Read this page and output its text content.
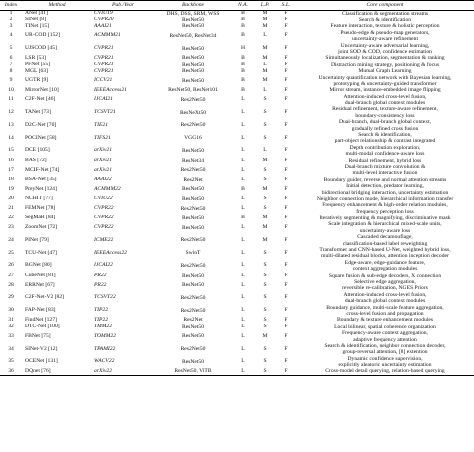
Index	Method	Pub./Year	Backbone	N.A.	L.P.	S.L.	Core component
1	ANet [41]	CVIU19	DHS, DSS, SRM, WSS	B	M	F	Classification & segmentation streams

2	SINet [8]	CVPR20	ResNet50	B	M	F	Search & identification

3	TINet [15]	AAAI21	ResNet50	B	M	F	Feature interaction, texture & holistic perception

4	UR-COD [152]	ACMMM21	ResNet50, ResNet34	B	L	F	Pseudo-edge & pseudo-map generators,
uncertainty-aware refinement

5	UJSCOD [45]	CVPR21	ResNet50	H	M	F	Uncertainty-aware adversarial learning,
joint SOD & COD, confidence estimation

6	LSR [53]	CVPR21	ResNet50	B	M	F	Simultaneously localization, segmentation & ranking

7	PFNet [55]	CVPR21	ResNet50	B	L	F	Distraction mining strategy, positioning & focus

8	MGL [63]	CVPR21	ResNet50	B	M	F	Mutual Graph Learning

9	UGTR [9]	ICCV21	ResNet50	B	M	F	Uncertainty quantification network with Bayesian learning,
prototyping & uncertainty-guided transformer

10	MirrorNet [10]	IEEEAccess21	ResNet50, ResNet101	B	L	F	Mirror stream, instance-embedded image flipping

11	C2F-Net [46]	IJCAI21	Res2Net50	L	S	F	Attention-induced cross-level fusion,
dual-branch global context modules

12	TANet [73]	TCSVT21	ResNeXt50	L	S	F	Residual refinement, texture-aware refinement,
boundary-consistency loss

13	D2C-Net [70]	TIE21	Res2Net50	L	S	F	Dual-branch, dual-branch global context,
gradually refined cross fusion

14	POCINet [58]	TIFS21	VGG16	L	S	F	Search & identification,
part-object relationship & contrast integrated

15	DCE [105]	arXiv21	ResNet50	L	L	F	Depth contribution exploration,
multi-modal confidence-aware loss

16	BAS [72]	arXiv21	ResNet34	L	M	F	Residual refinement, hybrid loss

17	MCIF-Net [74]	arXiv21	Res2Net50	L	S	F	Dual-branch mixture convolution &
multi-level interactive fusion

18	BSA-Net [35]	AAAI22	Res2Net	L	S	F	Boundary guider, reverse and normal attention streams

19	PreyNet [124]	ACMMM22	ResNet50	B	M	F	Initial detection, predator learning,
bidirectional bridging interaction, uncertainty estimation

20	NCHIT [77]	CVIU22	ResNet50	L	S	F	Neighbor connection mode, hierarchical information transfer

21	FEMNet [78]	CVPR22	Res2Net50	L	S	F	Frequency enhancement & high-order relation modules,
frequency perception loss

22	SegMaR [84]	CVPR22	ResNet50	B	M	F	Iteratively segmenting & magnifying, discriminative mask

23	ZoomNet [72]	CVPR22	ResNet50	L	M	F	Scale integration & hierarchical mixed-scale units,
uncertainty-aware loss

24	PINet [79]	ICME22	Res2Net50	L	M	F	Cascaded decamouflage,
classification-based label reweighting

25	TCU-Net [47]	IEEEAccess22	SwinT	L	S	F	Transformer and CNN-based U-Net, weighted hybrid loss,
multi-dilated residual blocks, attention inception decoder

26	BGNet [80]	IJCAI22	Res2Net50	L	S	F	Edge-aware, edge-guidance feature,
context aggregation modules

27	CubeNet [81]	PR22	ResNet50	L	S	F	Square fusion & sub-edge decoders, X connection

28	ERRNet [67]	PR22	ResNet50	L	S	F	Selective edge aggregation,
reversible re-calibration, NGES Priors

29	C2F-Net-V2 [82]	TCSVT22	Res2Net50	L	S	F	Attention-induced cross-level fusion,
dual-branch global context modules

30	FAP-Net [83]	TIP22	Res2Net50	L	S	F	Boundary guidance, multi-scale feature aggregation,
cross-level fusion and propagation

31	FindNet [127]	TIP22	Res2Net	L	S	F	Boundary & texture enhancement modules

32	DTC-Net [100]	TMM22	ResNet50	L	S	F	Local bilinear, spatial coherence organization

33	FBNet [75]	TOMM22	ResNet50	L	M	F	Frequency-aware context aggregation,
adaptive frequency attention

34	SINet-V2 [12]	TPAMI22	Res2Net50	L	S	F	Search & identification, neighbor connection decoder,
group-reversal attention, [8] extention

35	OCENet [131]	WACV22	ResNet50	L	S	F	Dynamic confidence supervision,
explicitly aleatoric uncertainty estimation

36	DQnet [76]	arXiv22	ResNet50, ViTB	L	S	F	Cross-model detail querying, relation-based querying
